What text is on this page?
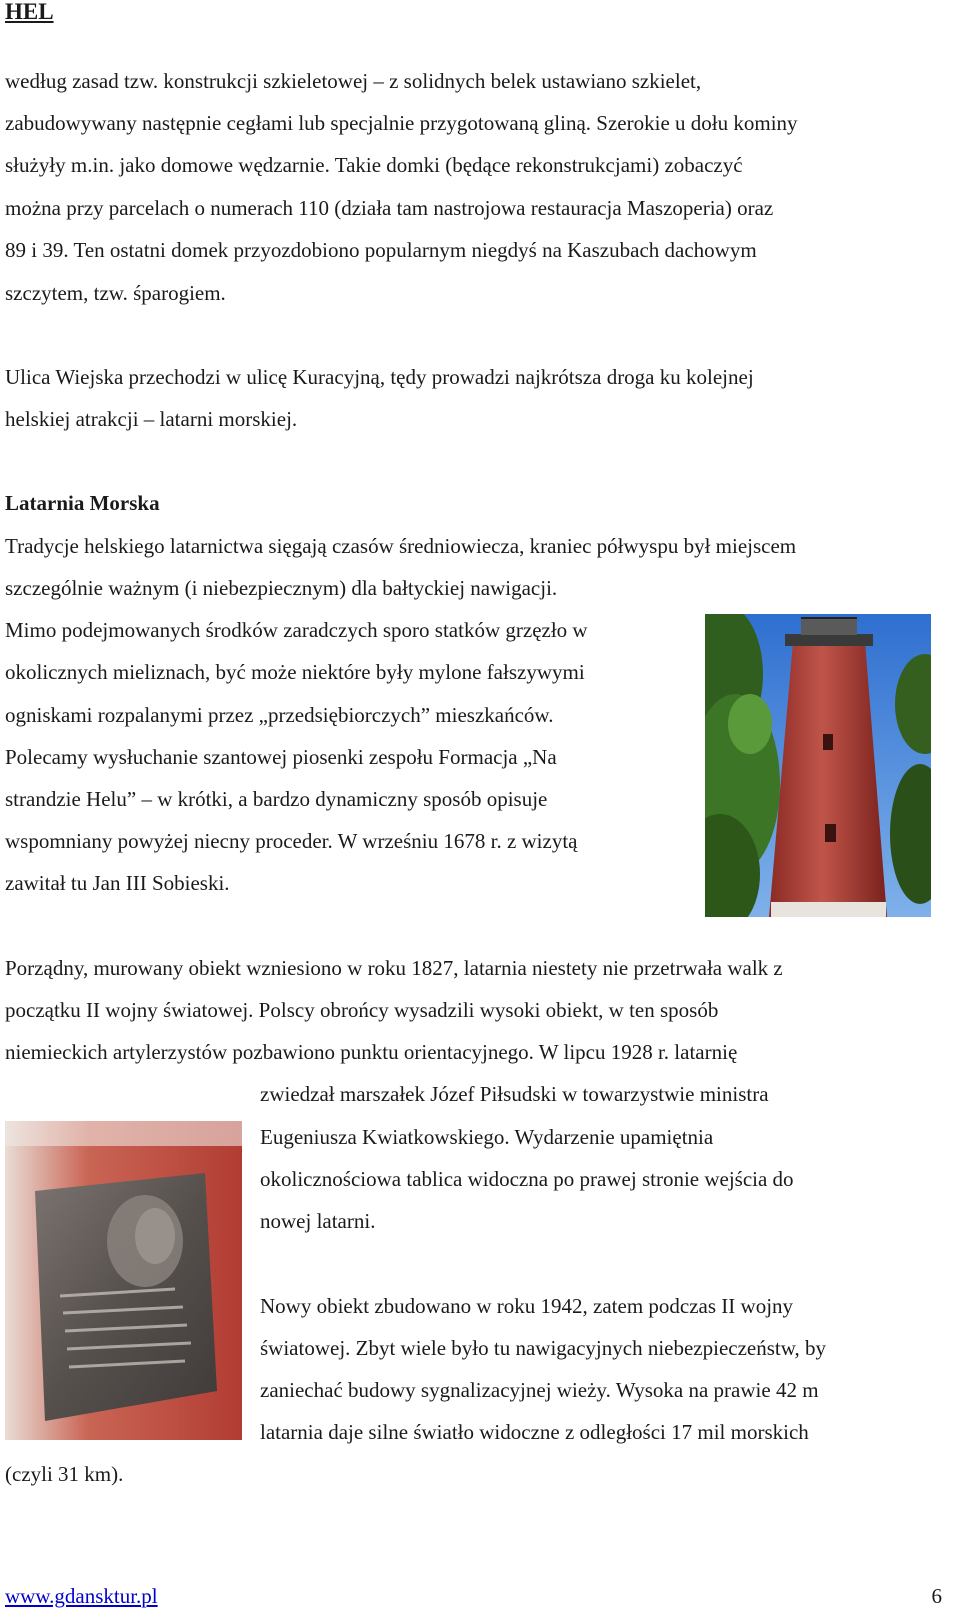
HEL

według zasad tzw. konstrukcji szkieletowej – z solidnych belek ustawiano szkielet,

zabudowywany następnie cegłami lub specjalnie przygotowaną gliną. Szerokie u dołu kominy

służyły m.in. jako domowe wędzarnie. Takie domki (będące rekonstrukcjami) zobaczyć

można przy parcelach o numerach 110 (działa tam nastrojowa restauracja Maszoperia) oraz

89 i 39. Ten ostatni domek przyozdobiono popularnym niegdyś na Kaszubach dachowym

szczytem, tzw. śparogiem.

Ulica Wiejska przechodzi w ulicę Kuracyjną, tędy prowadzi najkrótsza droga ku kolejnej

helskiej atrakcji – latarni morskiej.

Latarnia Morska

Tradycje helskiego latarnictwa sięgają czasów średniowiecza, kraniec półwyspu był miejscem

szczególnie ważnym (i niebezpiecznym) dla bałtyckiej nawigacji.

Mimo podejmowanych środków zaradczych sporo statków grzęzło w

okolicznych mieliznach, być może niektóre były mylone fałszywymi

ogniskami rozpalanymi przez „przedsiębiorczych” mieszkańców.

Polecamy wysłuchanie szantowej piosenki zespołu Formacja „Na

strandzie Helu” – w krótki, a bardzo dynamiczny sposób opisuje

wspomniany powyżej niecny proceder. W wrześniu 1678 r. z wizytą

zawitał tu Jan III Sobieski.

Porządny, murowany obiekt wzniesiono w roku 1827, latarnia niestety nie przetrwała walk z

początku II wojny światowej. Polscy obrońcy wysadzili wysoki obiekt, w ten sposób

niemieckich artylerzystów pozbawiono punktu orientacyjnego. W lipcu 1928 r. latarnię

zwiedzał marszałek Józef Piłsudski w towarzystwie ministra

Eugeniusza Kwiatkowskiego. Wydarzenie upamiętnia

okolicznościowa tablica widoczna po prawej stronie wejścia do

nowej latarni.

Nowy obiekt zbudowano w roku 1942, zatem podczas II wojny

światowej. Zbyt wiele było tu nawigacyjnych niebezpieczeństw, by

zaniechać budowy sygnalizacyjnej wieży. Wysoka na prawie 42 m

latarnia daje silne światło widoczne z odległości 17 mil morskich

(czyli 31 km).

www.gdansktur.pl	6
